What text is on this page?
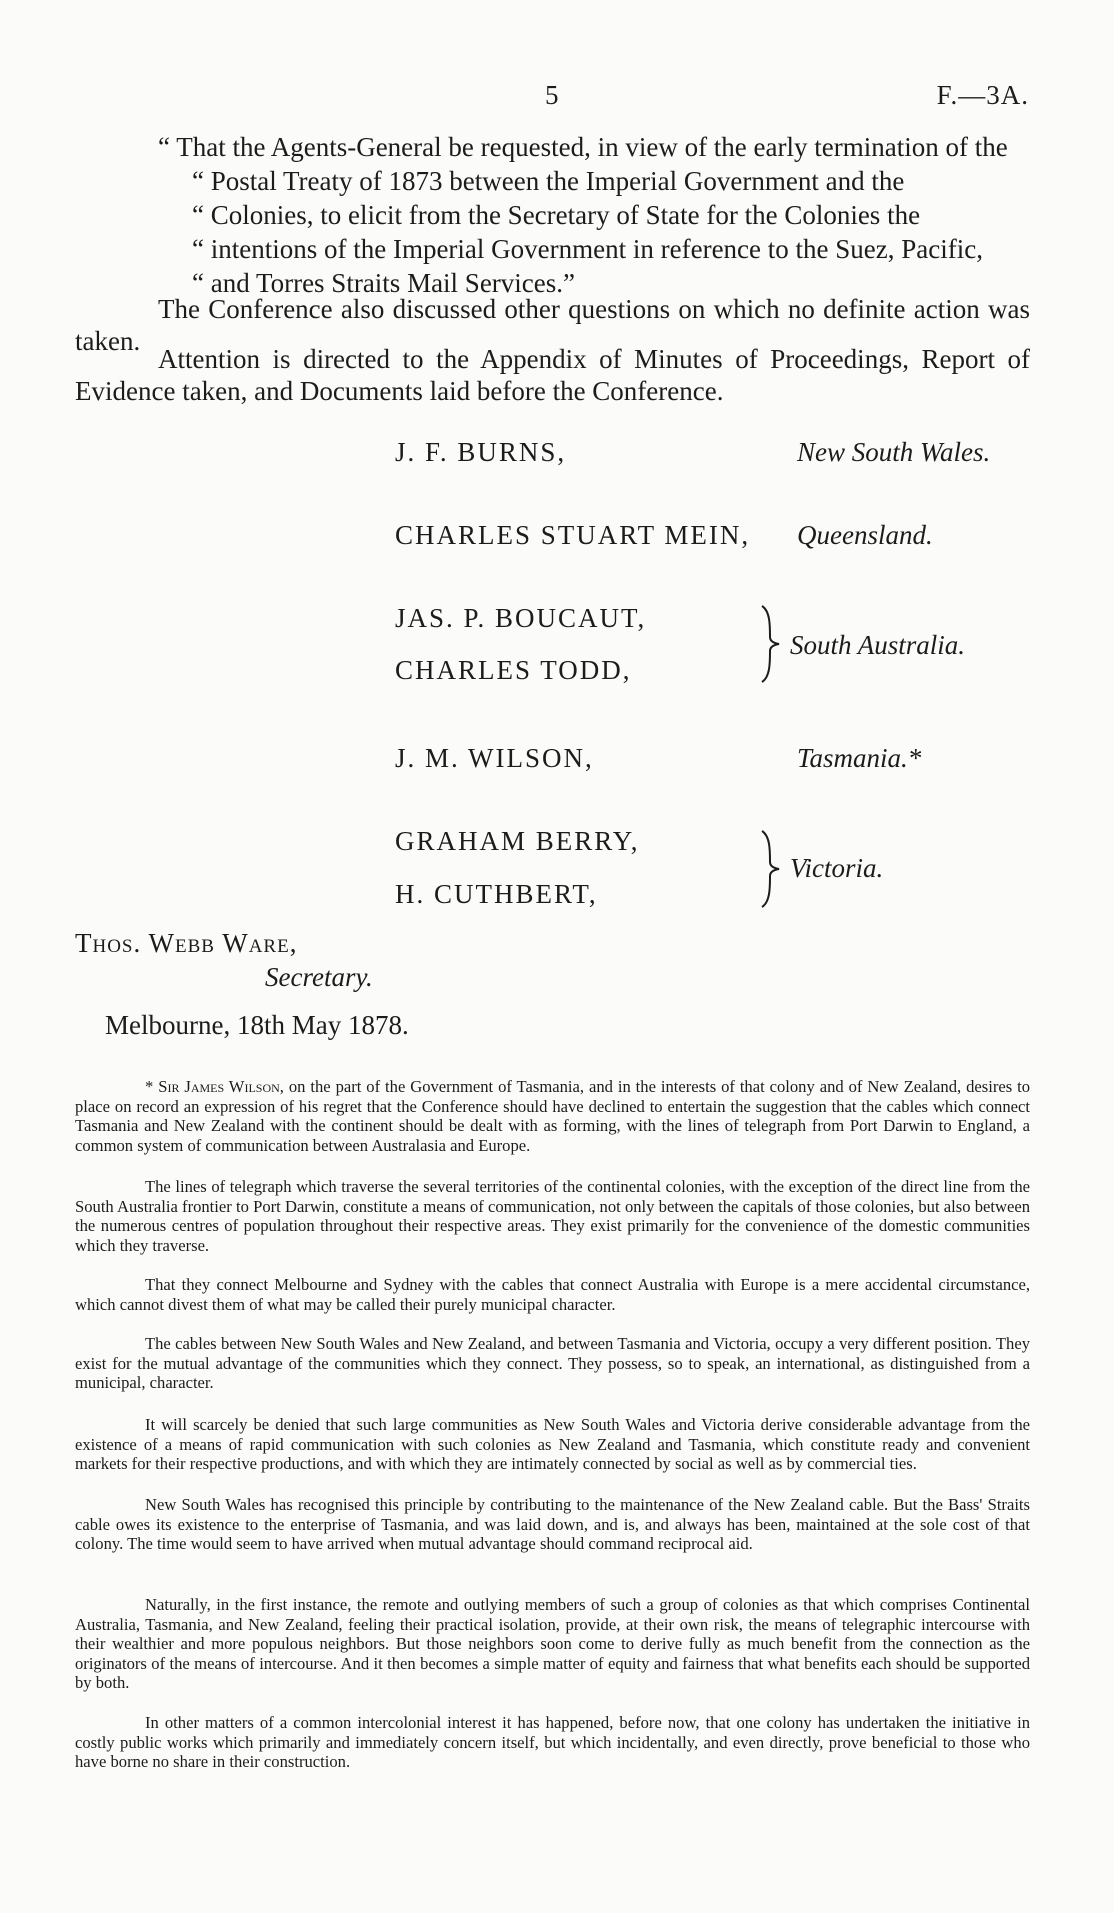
5	F.—3A.

“ That the Agents-General be requested, in view of the early termination of the

“ Postal Treaty of 1873 between the Imperial Government and the

“ Colonies, to elicit from the Secretary of State for the Colonies the

“ intentions of the Imperial Government in reference to the Suez, Pacific,

“ and Torres Straits Mail Services.”

The Conference also discussed other questions on which no definite action was taken.

Attention is directed to the Appendix of Minutes of Proceedings, Report of Evidence taken, and Documents laid before the Conference.

J. F. BURNS,	New South Wales.
CHARLES STUART MEIN, Queensland.
JAS. P. BOUCAUT,
CHARLES TODD,
South Australia.
J. M. WILSON,	Tasmania.*
GRAHAM BERRY,
H. CUTHBERT,
Victoria.
Thos. Webb Ware,
Secretary.
Melbourne, 18th May 1878.

* Sir James Wilson, on the part of the Government of Tasmania, and in the interests of that colony and of New Zealand, desires to place on record an expression of his regret that the Conference should have declined to entertain the suggestion that the cables which connect Tasmania and New Zealand with the continent should be dealt with as forming, with the lines of telegraph from Port Darwin to England, a common system of communication between Australasia and Europe.

The lines of telegraph which traverse the several territories of the continental colonies, with the exception of the direct line from the South Australia frontier to Port Darwin, constitute a means of communication, not only between the capitals of those colonies, but also between the numerous centres of population throughout their respective areas. They exist primarily for the convenience of the domestic communities which they traverse.

That they connect Melbourne and Sydney with the cables that connect Australia with Europe is a mere accidental circumstance, which cannot divest them of what may be called their purely municipal character.

The cables between New South Wales and New Zealand, and between Tasmania and Victoria, occupy a very different position. They exist for the mutual advantage of the communities which they connect. They possess, so to speak, an international, as distinguished from a municipal, character.

It will scarcely be denied that such large communities as New South Wales and Victoria derive considerable advantage from the existence of a means of rapid communication with such colonies as New Zealand and Tasmania, which constitute ready and convenient markets for their respective productions, and with which they are intimately connected by social as well as by commercial ties.

New South Wales has recognised this principle by contributing to the maintenance of the New Zealand cable. But the Bass' Straits cable owes its existence to the enterprise of Tasmania, and was laid down, and is, and always has been, maintained at the sole cost of that colony. The time would seem to have arrived when mutual advantage should command reciprocal aid.

Naturally, in the first instance, the remote and outlying members of such a group of colonies as that which comprises Continental Australia, Tasmania, and New Zealand, feeling their practical isolation, provide, at their own risk, the means of telegraphic intercourse with their wealthier and more populous neighbors. But those neighbors soon come to derive fully as much benefit from the connection as the originators of the means of intercourse. And it then becomes a simple matter of equity and fairness that what benefits each should be supported by both.

In other matters of a common intercolonial interest it has happened, before now, that one colony has undertaken the initiative in costly public works which primarily and immediately concern itself, but which incidentally, and even directly, prove beneficial to those who have borne no share in their construction.
